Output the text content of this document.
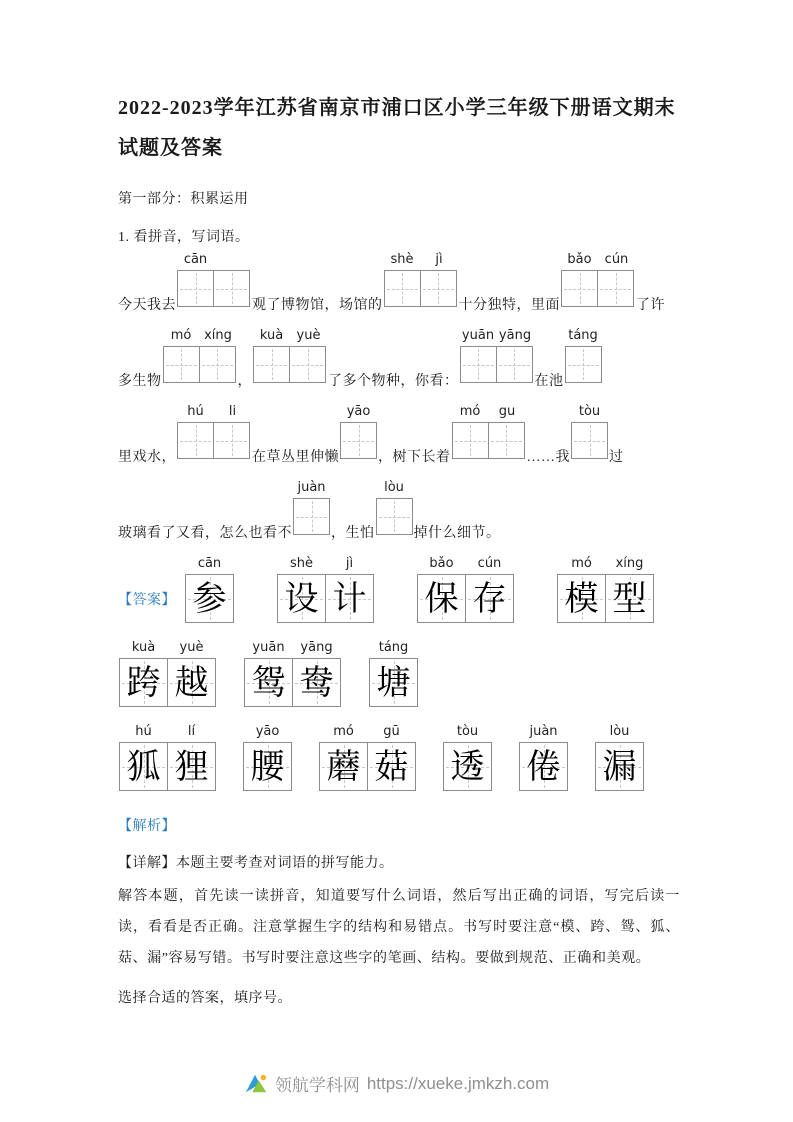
2022-2023学年江苏省南京市浦口区小学三年级下册语文期末试题及答案

第一部分：积累运用

1. 看拼音，写词语。

今天我去
cān
观了博物馆，场馆的
shè	jì
十分独特，里面
bǎo	cún
了许
多生物
mó xíng
，
kuà	yuè
了多个物种，你看：
yuān yāng
在池
táng
里戏水，
hú	li
在草丛里伸懒
yāo
，树下长着
mó	gu
……我
tòu
过
玻璃看了又看，怎么也看不
juàn
，生怕
lòu
掉什么细节。
【答案】
cān
参
shè	jì
设 计
bǎo	cún
保 存
mó	xíng
模 型
kuà	yuè
跨 越
yuān	yāng
鸳 鸯
táng
塘
hú	lí
狐 狸
yāo
腰
mó	gū
蘑 菇
tòu
透
juàn
倦
lòu
漏

【解析】

【详解】本题主要考查对词语的拼写能力。

解答本题，首先读一读拼音，知道要写什么词语，然后写出正确的词语，写完后读一读，看看是否正确。注意掌握生字的结构和易错点。书写时要注意“模、跨、鸳、狐、菇、漏”容易写错。书写时要注意这些字的笔画、结构。要做到规范、正确和美观。

选择合适的答案，填序号。

领航学科网 https://xueke.jmkzh.com
